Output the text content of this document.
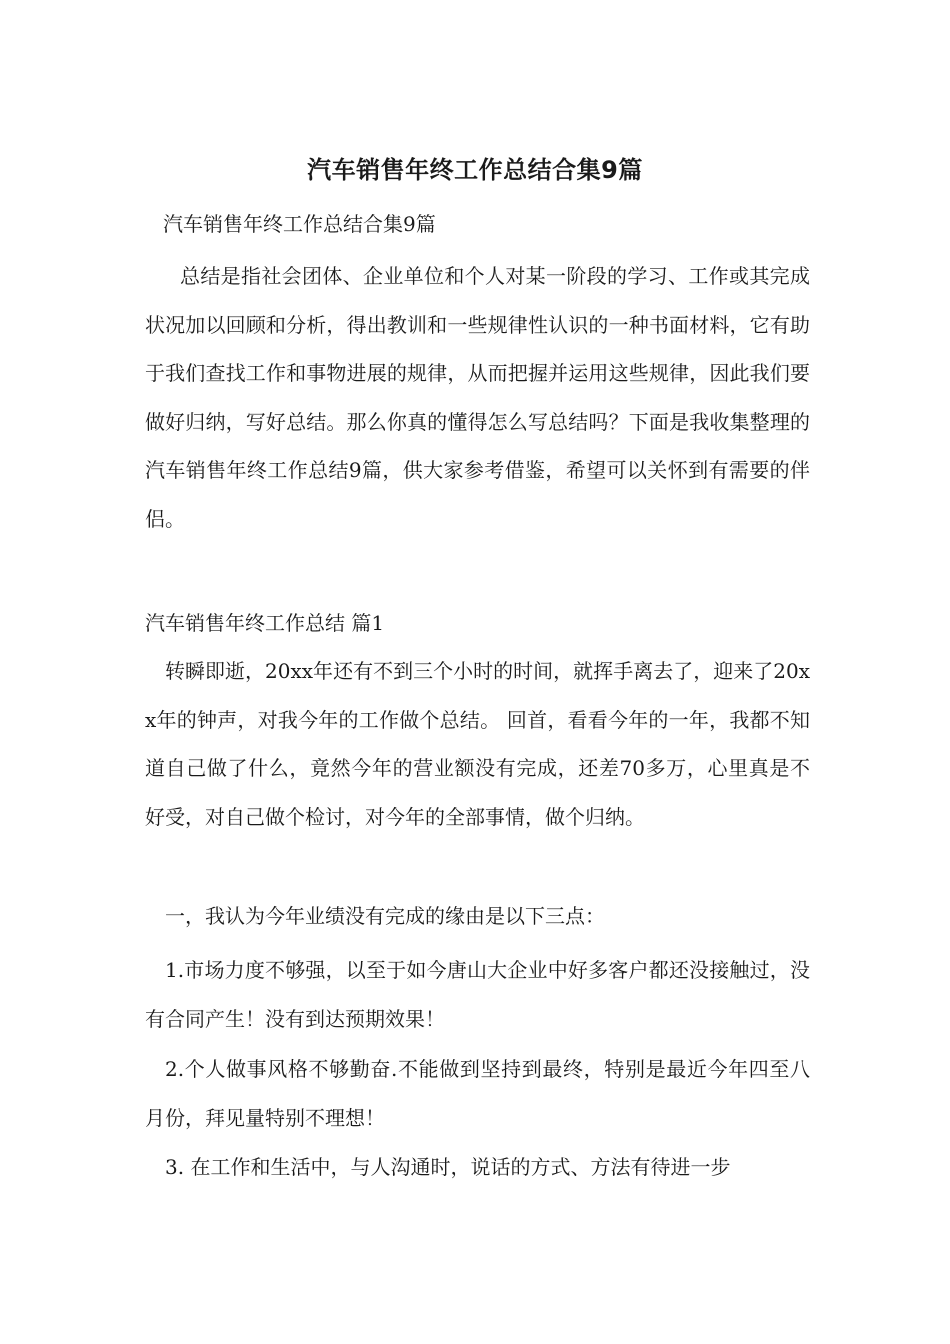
汽车销售年终工作总结合集9篇
汽车销售年终工作总结合集9篇

总结是指社会团体、企业单位和个人对某一阶段的学习、工作或其完成状况加以回顾和分析，得出教训和一些规律性认识的一种书面材料，它有助于我们查找工作和事物进展的规律，从而把握并运用这些规律，因此我们要做好归纳，写好总结。那么你真的懂得怎么写总结吗？下面是我收集整理的汽车销售年终工作总结9篇，供大家参考借鉴，希望可以关怀到有需要的伴侣。

汽车销售年终工作总结 篇1

转瞬即逝，20xx年还有不到三个小时的时间，就挥手离去了，迎来了20xx年的钟声，对我今年的工作做个总结。 回首，看看今年的一年，我都不知道自己做了什么，竟然今年的营业额没有完成，还差70多万，心里真是不好受，对自己做个检讨，对今年的全部事情，做个归纳。

一，我认为今年业绩没有完成的缘由是以下三点：

1.市场力度不够强，以至于如今唐山大企业中好多客户都还没接触过，没有合同产生！没有到达预期效果！

2.个人做事风格不够勤奋.不能做到坚持到最终，特别是最近今年四至八月份，拜见量特别不理想！

3. 在工作和生活中，与人沟通时，说话的方式、方法有待进一步
